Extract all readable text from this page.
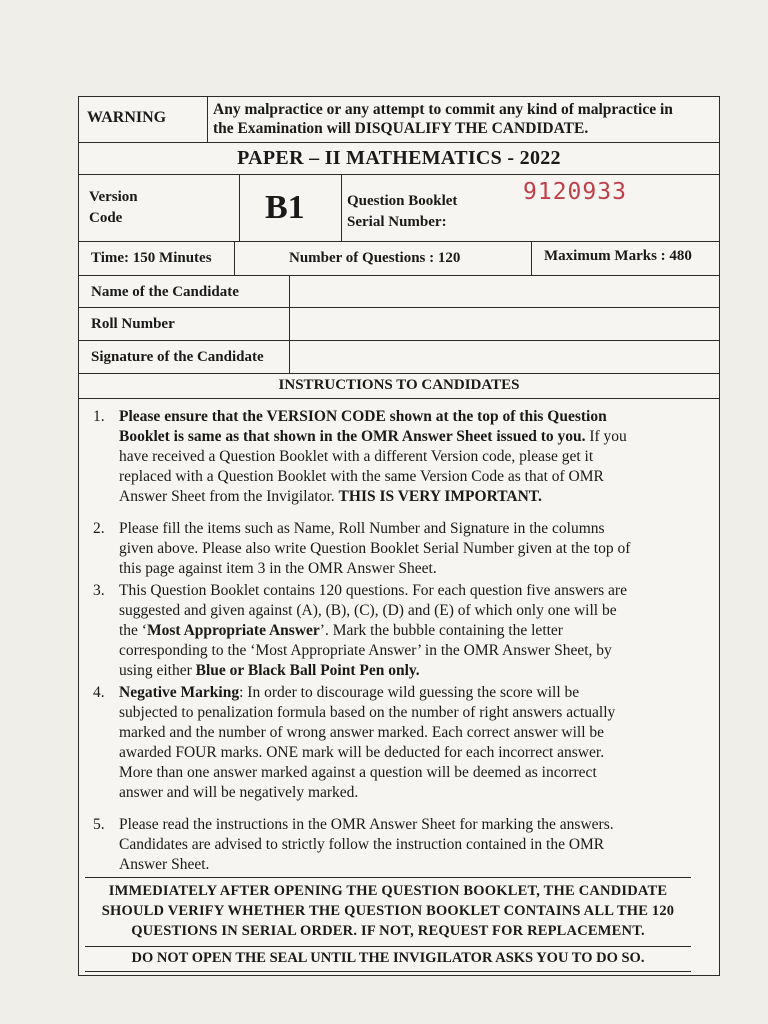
WARNING	Any malpractice or any attempt to commit any kind of malpractice in
the Examination will DISQUALIFY THE CANDIDATE.
PAPER – II MATHEMATICS - 2022
Version
Code	B1	Question Booklet
Serial Number:
9120933
Time: 150 Minutes	Number of Questions : 120	Maximum Marks : 480
Name of the Candidate
Roll Number
Signature of the Candidate
INSTRUCTIONS TO CANDIDATES
1. Please ensure that the VERSION CODE shown at the top of this Question
Booklet is same as that shown in the OMR Answer Sheet issued to you. If you
have received a Question Booklet with a different Version code, please get it
replaced with a Question Booklet with the same Version Code as that of OMR
Answer Sheet from the Invigilator. THIS IS VERY IMPORTANT.
2. Please fill the items such as Name, Roll Number and Signature in the columns
given above. Please also write Question Booklet Serial Number given at the top of
this page against item 3 in the OMR Answer Sheet.
3. This Question Booklet contains 120 questions. For each question five answers are
suggested and given against (A), (B), (C), (D) and (E) of which only one will be
the ‘Most Appropriate Answer’. Mark the bubble containing the letter
corresponding to the ‘Most Appropriate Answer’ in the OMR Answer Sheet, by
using either Blue or Black Ball Point Pen only.
4. Negative Marking: In order to discourage wild guessing the score will be
subjected to penalization formula based on the number of right answers actually
marked and the number of wrong answer marked. Each correct answer will be
awarded FOUR marks. ONE mark will be deducted for each incorrect answer.
More than one answer marked against a question will be deemed as incorrect
answer and will be negatively marked.
5. Please read the instructions in the OMR Answer Sheet for marking the answers.
Candidates are advised to strictly follow the instruction contained in the OMR
Answer Sheet.
IMMEDIATELY AFTER OPENING THE QUESTION BOOKLET, THE CANDIDATE
SHOULD VERIFY WHETHER THE QUESTION BOOKLET CONTAINS ALL THE 120
QUESTIONS IN SERIAL ORDER. IF NOT, REQUEST FOR REPLACEMENT.
DO NOT OPEN THE SEAL UNTIL THE INVIGILATOR ASKS YOU TO DO SO.
